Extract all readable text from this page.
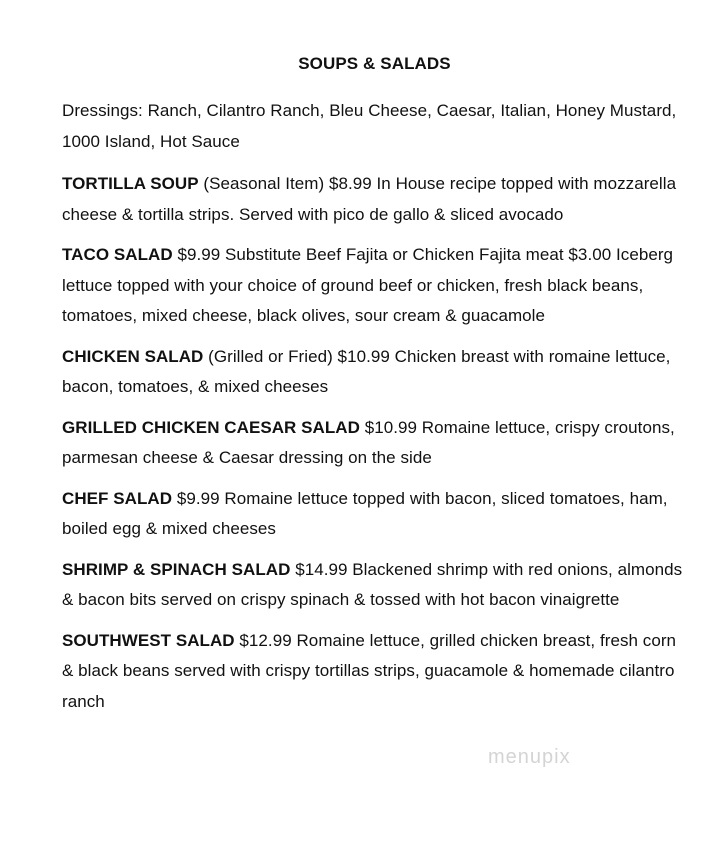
SOUPS & SALADS
Dressings: Ranch, Cilantro Ranch, Bleu Cheese, Caesar, Italian, Honey Mustard, 1000 Island, Hot Sauce
TORTILLA SOUP (Seasonal Item) $8.99 In House recipe topped with mozzarella cheese & tortilla strips. Served with pico de gallo & sliced avocado
TACO SALAD $9.99 Substitute Beef Fajita or Chicken Fajita meat $3.00 Iceberg lettuce topped with your choice of ground beef or chicken, fresh black beans, tomatoes, mixed cheese, black olives, sour cream & guacamole
CHICKEN SALAD (Grilled or Fried) $10.99 Chicken breast with romaine lettuce, bacon, tomatoes, & mixed cheeses
GRILLED CHICKEN CAESAR SALAD $10.99 Romaine lettuce, crispy croutons, parmesan cheese & Caesar dressing on the side
CHEF SALAD $9.99 Romaine lettuce topped with bacon, sliced tomatoes, ham, boiled egg & mixed cheeses
SHRIMP & SPINACH SALAD $14.99 Blackened shrimp with red onions, almonds & bacon bits served on crispy spinach & tossed with hot bacon vinaigrette
SOUTHWEST SALAD $12.99 Romaine lettuce, grilled chicken breast, fresh corn & black beans served with crispy tortillas strips, guacamole & homemade cilantro ranch
menupix
